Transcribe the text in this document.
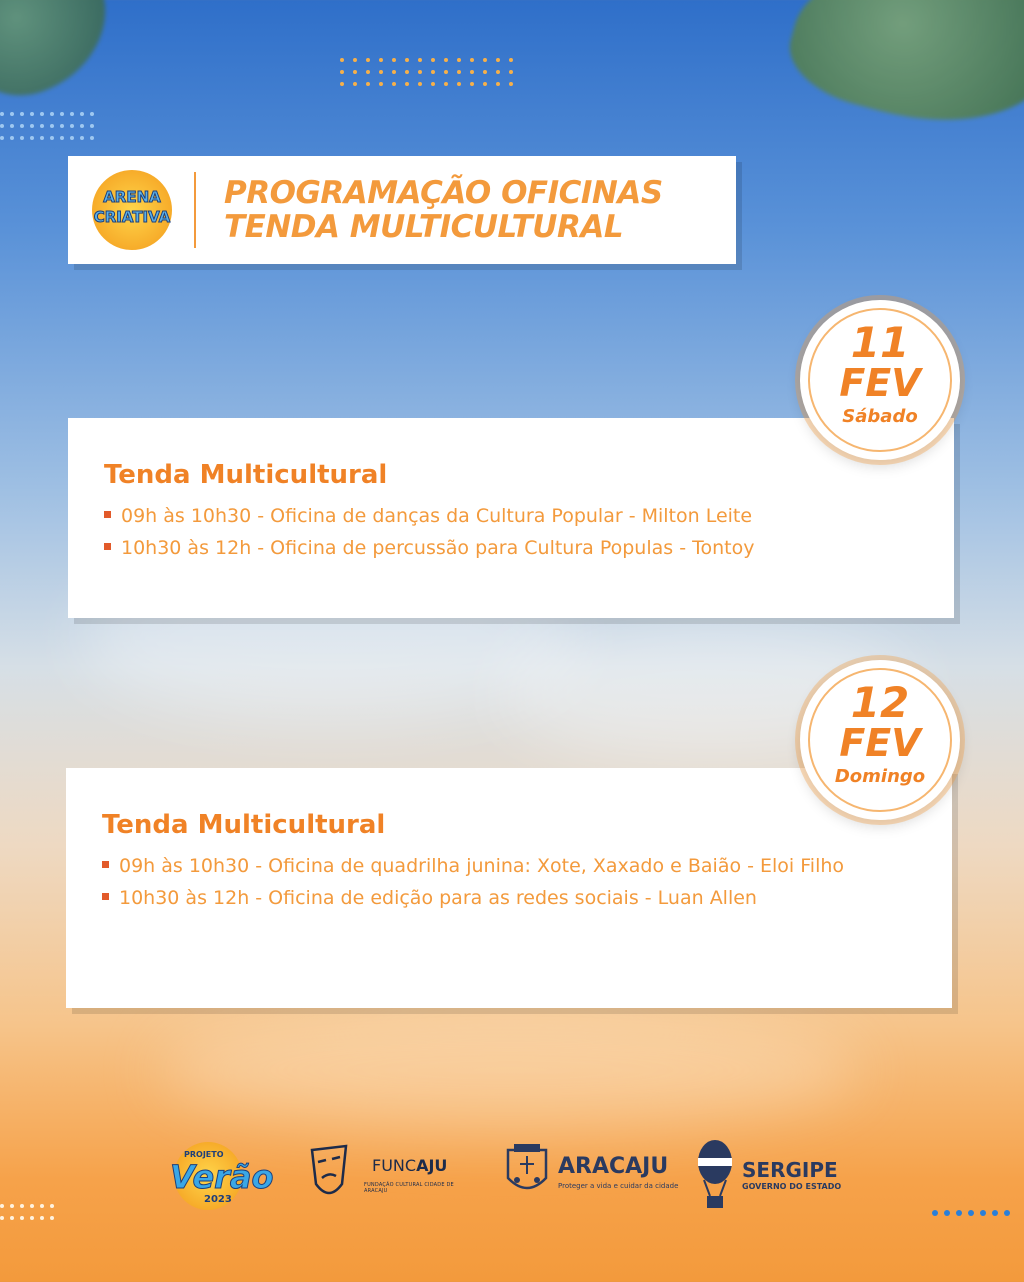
ARENA
CRIATIVA
PROGRAMAÇÃO OFICINAS
TENDA MULTICULTURAL
Tenda Multicultural
09h às 10h30 - Oficina de danças da Cultura Popular - Milton Leite
10h30 às 12h - Oficina de percussão para Cultura Populas - Tontoy
11
FEV
Sábado
Tenda Multicultural
09h às 10h30 - Oficina de quadrilha junina: Xote, Xaxado e Baião - Eloi Filho
10h30 às 12h - Oficina de edição para as redes sociais - Luan Allen
12
FEV
Domingo
PROJETO
Verão
2023
FUNCAJU
FUNDAÇÃO CULTURAL CIDADE DE ARACAJU
ARACAJU
Proteger a vida e cuidar da cidade
SERGIPE
GOVERNO DO ESTADO
